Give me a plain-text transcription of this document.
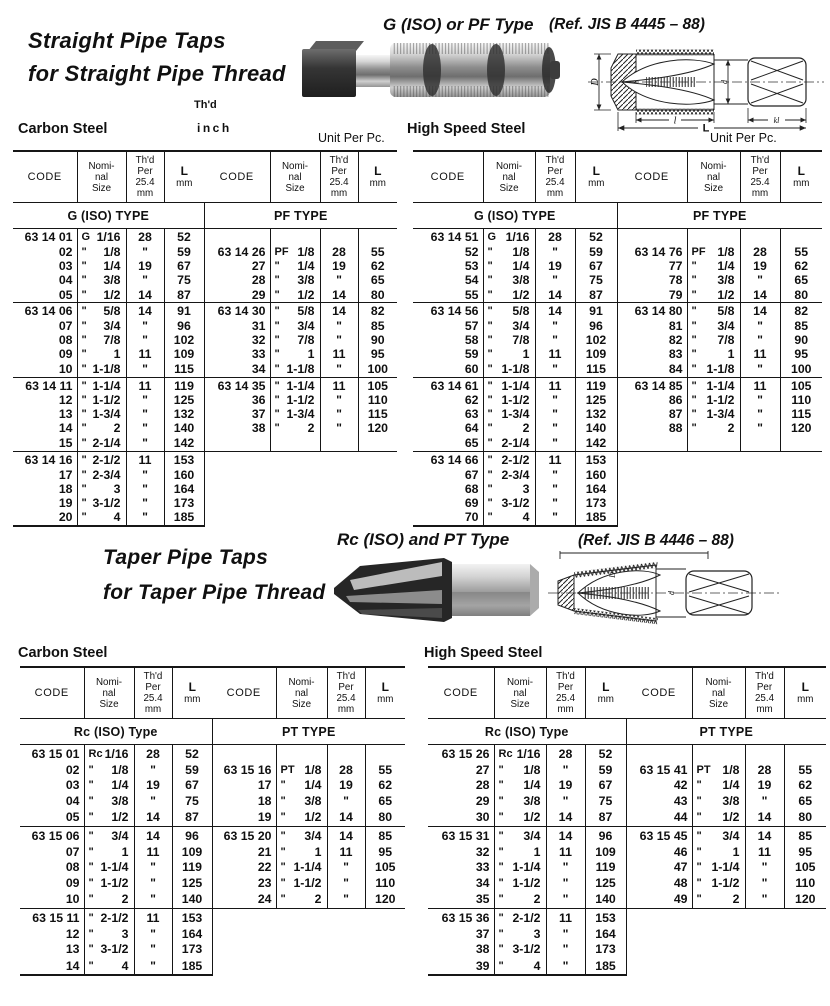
Straight Pipe Taps
for Straight Pipe Thread
G (ISO) or PF Type (Ref. JIS B 4445 – 88)
D	d
l	kl
L
Carbon Steel
Th'd
inch
Unit Per Pc.
High Speed Steel
Unit Per Pc.
CODE	Nomi-
nal
Size	Th'd
Per
25.4
mm	L
mm	CODE	Nomi-
nal
Size	Th'd
Per
25.4
mm	L
mm
G (ISO) TYPE				PF TYPE			
63 14 01	G 1/16	28	52				
02	" 1/8	"	59	63 14 26	PF 1/8	28	55
03	" 1/4	19	67	27	" 1/4	19	62
04	" 3/8	"	75	28	" 3/8	"	65
05	" 1/2	14	87	29	" 1/2	14	80
63 14 06	" 5/8	14	91	63 14 30	" 5/8	14	82
07	" 3/4	"	96	31	" 3/4	"	85
08	" 7/8	"	102	32	" 7/8	"	90
09	" 1	11	109	33	" 1	11	95
10	" 1-1/8	"	115	34	" 1-1/8	"	100
63 14 11	" 1-1/4	11	119	63 14 35	" 1-1/4	11	105
12	" 1-1/2	"	125	36	" 1-1/2	"	110
13	" 1-3/4	"	132	37	" 1-3/4	"	115
14	" 2	"	140	38	" 2	"	120
15	" 2-1/4	"	142				
63 14 16	" 2-1/2	11	153				
17	" 2-3/4	"	160				
18	" 3	"	164				
19	" 3-1/2	"	173				
20	" 4	"	185				
CODE	Nomi-
nal
Size	Th'd
Per
25.4
mm	L
mm	CODE	Nomi-
nal
Size	Th'd
Per
25.4
mm	L
mm
G (ISO) TYPE				PF TYPE			
63 14 51	G 1/16	28	52				
52	" 1/8	"	59	63 14 76	PF 1/8	28	55
53	" 1/4	19	67	77	" 1/4	19	62
54	" 3/8	"	75	78	" 3/8	"	65
55	" 1/2	14	87	79	" 1/2	14	80
63 14 56	" 5/8	14	91	63 14 80	" 5/8	14	82
57	" 3/4	"	96	81	" 3/4	"	85
58	" 7/8	"	102	82	" 7/8	"	90
59	" 1	11	109	83	" 1	11	95
60	" 1-1/8	"	115	84	" 1-1/8	"	100
63 14 61	" 1-1/4	11	119	63 14 85	" 1-1/4	11	105
62	" 1-1/2	"	125	86	" 1-1/2	"	110
63	" 1-3/4	"	132	87	" 1-3/4	"	115
64	" 2	"	140	88	" 2	"	120
65	" 2-1/4	"	142				
63 14 66	" 2-1/2	11	153				
67	" 2-3/4	"	160				
68	" 3	"	164				
69	" 3-1/2	"	173				
70	" 4	"	185				
Taper Pipe Taps
for Taper Pipe Thread
Rc (ISO) and PT Type	(Ref. JIS B 4446 – 88)
D
d
Carbon Steel	High Speed Steel
CODE	Nomi-
nal
Size	Th'd
Per
25.4
mm	L
mm	CODE	Nomi-
nal
Size	Th'd
Per
25.4
mm	L
mm
Rc (ISO) Type				PT TYPE			
63 15 01	Rc 1/16	28	52				
02	" 1/8	"	59	63 15 16	PT 1/8	28	55
03	" 1/4	19	67	17	" 1/4	19	62
04	" 3/8	"	75	18	" 3/8	"	65
05	" 1/2	14	87	19	" 1/2	14	80
63 15 06	" 3/4	14	96	63 15 20	" 3/4	14	85
07	" 1	11	109	21	" 1	11	95
08	" 1-1/4	"	119	22	" 1-1/4	"	105
09	" 1-1/2	"	125	23	" 1-1/2	"	110
10	" 2	"	140	24	" 2	"	120
63 15 11	" 2-1/2	11	153				
12	" 3	"	164				
13	" 3-1/2	"	173				
14	" 4	"	185				
CODE	Nomi-
nal
Size	Th'd
Per
25.4
mm	L
mm	CODE	Nomi-
nal
Size	Th'd
Per
25.4
mm	L
mm
Rc (ISO) Type				PT TYPE			
63 15 26	Rc 1/16	28	52				
27	" 1/8	"	59	63 15 41	PT 1/8	28	55
28	" 1/4	19	67	42	" 1/4	19	62
29	" 3/8	"	75	43	" 3/8	"	65
30	" 1/2	14	87	44	" 1/2	14	80
63 15 31	" 3/4	14	96	63 15 45	" 3/4	14	85
32	" 1	11	109	46	" 1	11	95
33	" 1-1/4	"	119	47	" 1-1/4	"	105
34	" 1-1/2	"	125	48	" 1-1/2	"	110
35	" 2	"	140	49	" 2	"	120
63 15 36	" 2-1/2	11	153				
37	" 3	"	164				
38	" 3-1/2	"	173				
39	" 4	"	185				
